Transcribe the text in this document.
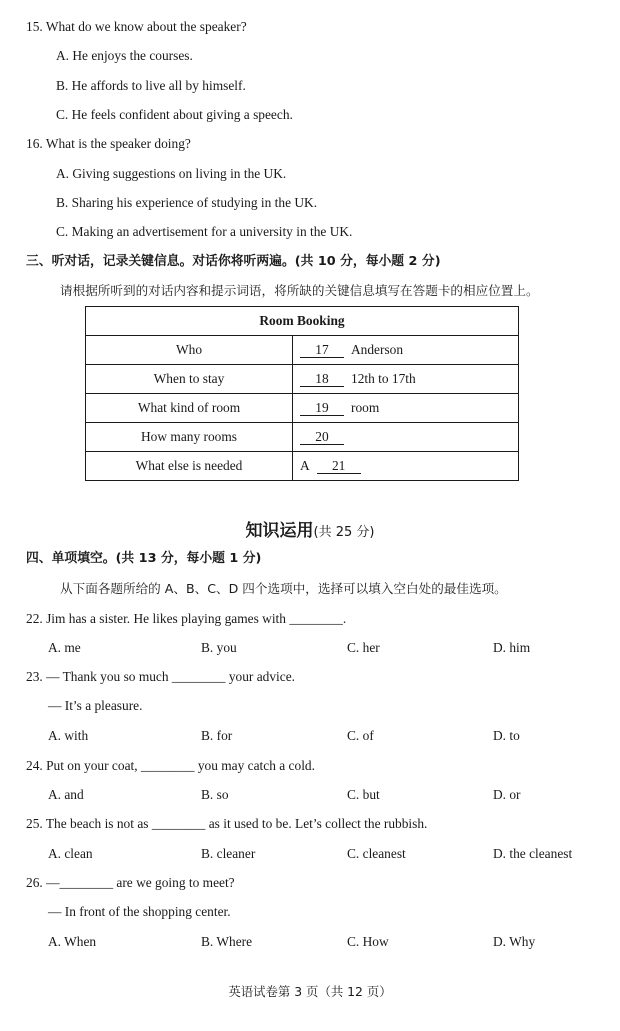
15. What do we know about the speaker?
A. He enjoys the courses.
B. He affords to live all by himself.
C. He feels confident about giving a speech.
16. What is the speaker doing?
A. Giving suggestions on living in the UK.
B. Sharing his experience of studying in the UK.
C. Making an advertisement for a university in the UK.
三、听对话，记录关键信息。对话你将听两遍。(共 10 分，每小题 2 分)
请根据所听到的对话内容和提示词语，将所缺的关键信息填写在答题卡的相应位置上。
Room Booking	
Who	17 Anderson
When to stay	18 12th to 17th
What kind of room	19 room
How many rooms	20
What else is needed	A 21
知识运用(共 25 分)
四、单项填空。(共 13 分，每小题 1 分)
从下面各题所给的 A、B、C、D 四个选项中，选择可以填入空白处的最佳选项。
22. Jim has a sister. He likes playing games with ________.
A. me	B. you	C. her	D. him
23. — Thank you so much ________ your advice.
— It’s a pleasure.
A. with	B. for	C. of	D. to
24. Put on your coat, ________ you may catch a cold.
A. and	B. so	C. but	D. or
25. The beach is not as ________ as it used to be. Let’s collect the rubbish.
A. clean	B. cleaner	C. cleanest	D. the cleanest
26. —________ are we going to meet?
— In front of the shopping center.
A. When	B. Where	C. How	D. Why
英语试卷第 3 页（共 12 页）
